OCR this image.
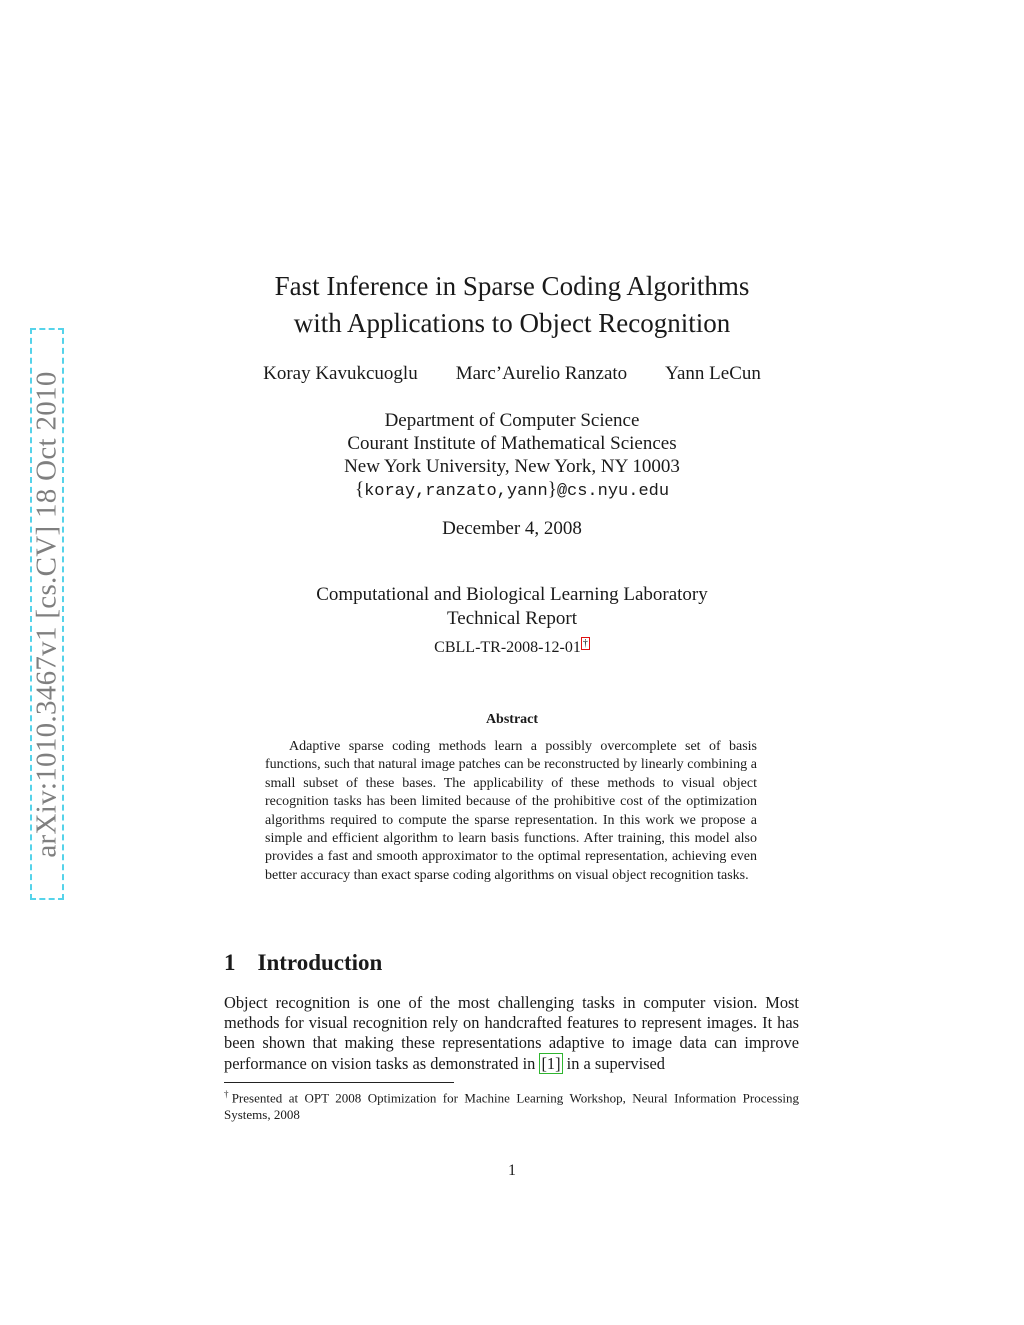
arXiv:1010.3467v1 [cs.CV] 18 Oct 2010
Fast Inference in Sparse Coding Algorithms
with Applications to Object Recognition
Koray Kavukcuoglu Marc’Aurelio Ranzato Yann LeCun
Department of Computer Science
Courant Institute of Mathematical Sciences
New York University, New York, NY 10003
{koray,ranzato,yann}@cs.nyu.edu
December 4, 2008
Computational and Biological Learning Laboratory
Technical Report
CBLL-TR-2008-12-01 †
Abstract

Adaptive sparse coding methods learn a possibly overcomplete set of basis functions, such that natural image patches can be reconstructed by linearly combining a small subset of these bases. The applicability of these methods to visual object recognition tasks has been limited because of the prohibitive cost of the optimization algorithms required to compute the sparse representation. In this work we propose a simple and efficient algorithm to learn basis functions. After training, this model also provides a fast and smooth approximator to the optimal representation, achieving even better accuracy than exact sparse coding algorithms on visual object recognition tasks.

1 Introduction

Object recognition is one of the most challenging tasks in computer vision. Most methods for visual recognition rely on handcrafted features to represent images. It has been shown that making these representations adaptive to image data can improve performance on vision tasks as demonstrated in [1] in a supervised

†Presented at OPT 2008 Optimization for Machine Learning Workshop, Neural Information Processing Systems, 2008

1
